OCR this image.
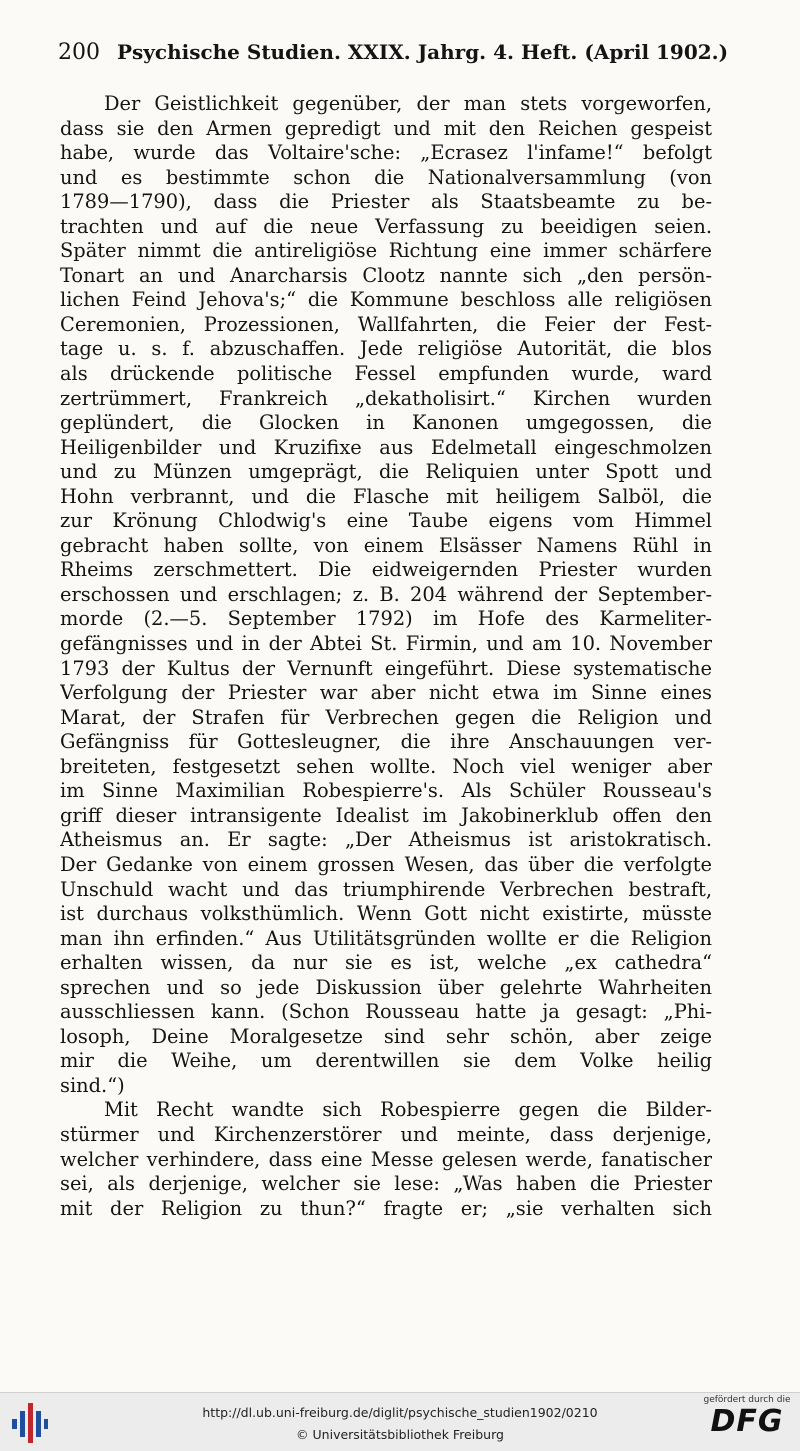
200 Psychische Studien. XXIX. Jahrg. 4. Heft. (April 1902.)
Der Geistlichkeit gegenüber, der man stets vorgeworfen,
dass sie den Armen gepredigt und mit den Reichen gespeist
habe, wurde das Voltaire'sche: „Ecrasez l'infame!“ befolgt
und es bestimmte schon die Nationalversammlung (von
1789—1790), dass die Priester als Staatsbeamte zu be-
trachten und auf die neue Verfassung zu beeidigen seien.
Später nimmt die antireligiöse Richtung eine immer schärfere
Tonart an und Anarcharsis Clootz nannte sich „den persön-
lichen Feind Jehova's;“ die Kommune beschloss alle religiösen
Ceremonien, Prozessionen, Wallfahrten, die Feier der Fest-
tage u. s. f. abzuschaffen. Jede religiöse Autorität, die blos
als drückende politische Fessel empfunden wurde, ward
zertrümmert, Frankreich „dekatholisirt.“ Kirchen wurden
geplündert, die Glocken in Kanonen umgegossen, die
Heiligenbilder und Kruzifixe aus Edelmetall eingeschmolzen
und zu Münzen umgeprägt, die Reliquien unter Spott und
Hohn verbrannt, und die Flasche mit heiligem Salböl, die
zur Krönung Chlodwig's eine Taube eigens vom Himmel
gebracht haben sollte, von einem Elsässer Namens Rühl in
Rheims zerschmettert. Die eidweigernden Priester wurden
erschossen und erschlagen; z. B. 204 während der September-
morde (2.—5. September 1792) im Hofe des Karmeliter-
gefängnisses und in der Abtei St. Firmin, und am 10. November
1793 der Kultus der Vernunft eingeführt. Diese systematische
Verfolgung der Priester war aber nicht etwa im Sinne eines
Marat, der Strafen für Verbrechen gegen die Religion und
Gefängniss für Gottesleugner, die ihre Anschauungen ver-
breiteten, festgesetzt sehen wollte. Noch viel weniger aber
im Sinne Maximilian Robespierre's. Als Schüler Rousseau's
griff dieser intransigente Idealist im Jakobinerklub offen den
Atheismus an. Er sagte: „Der Atheismus ist aristokratisch.
Der Gedanke von einem grossen Wesen, das über die verfolgte
Unschuld wacht und das triumphirende Verbrechen bestraft,
ist durchaus volksthümlich. Wenn Gott nicht existirte, müsste
man ihn erfinden.“ Aus Utilitätsgründen wollte er die Religion
erhalten wissen, da nur sie es ist, welche „ex cathedra“
sprechen und so jede Diskussion über gelehrte Wahrheiten
ausschliessen kann. (Schon Rousseau hatte ja gesagt: „Phi-
losoph, Deine Moralgesetze sind sehr schön, aber zeige
mir die Weihe, um derentwillen sie dem Volke heilig
sind.“)
Mit Recht wandte sich Robespierre gegen die Bilder-
stürmer und Kirchenzerstörer und meinte, dass derjenige,
welcher verhindere, dass eine Messe gelesen werde, fanatischer
sei, als derjenige, welcher sie lese: „Was haben die Priester
mit der Religion zu thun?“ fragte er; „sie verhalten sich
http://dl.ub.uni-freiburg.de/diglit/psychische_studien1902/0210
© Universitätsbibliothek Freiburg
gefördert durch die
DFG
